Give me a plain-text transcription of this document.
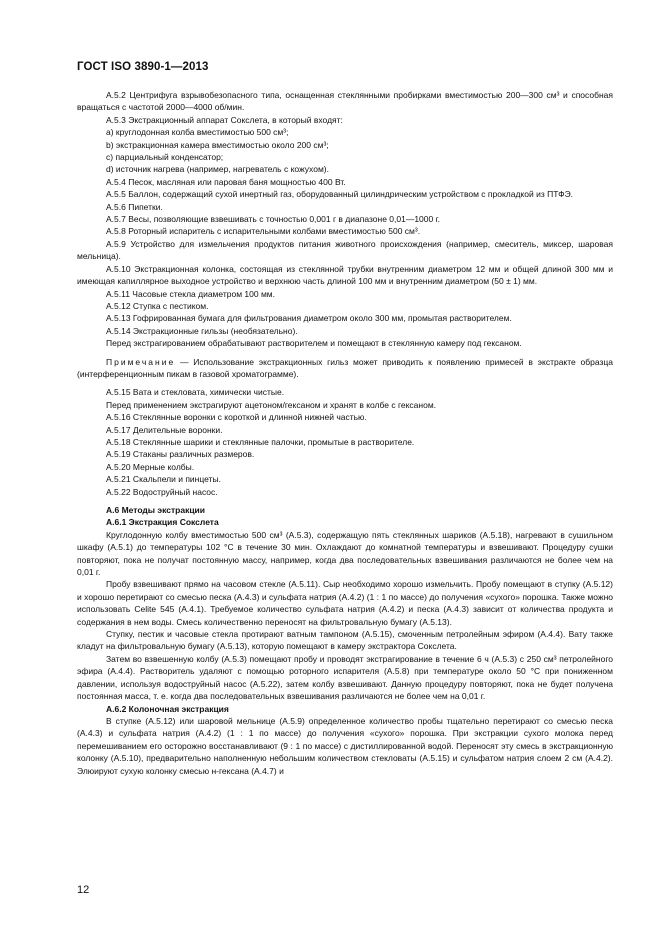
ГОСТ ISO 3890-1—2013

А.5.2 Центрифуга взрывобезопасного типа, оснащенная стеклянными пробирками вместимостью 200—300 см³ и способная вращаться с частотой 2000—4000 об/мин.

А.5.3 Экстракционный аппарат Сокслета, в который входят:

a) круглодонная колба вместимостью 500 см³;

b) экстракционная камера вместимостью около 200 см³;

c) парциальный конденсатор;

d) источник нагрева (например, нагреватель с кожухом).

А.5.4 Песок, масляная или паровая баня мощностью 400 Вт.

А.5.5 Баллон, содержащий сухой инертный газ, оборудованный цилиндрическим устройством с прокладкой из ПТФЭ.

А.5.6 Пипетки.

А.5.7 Весы, позволяющие взвешивать с точностью 0,001 г в диапазоне 0,01—1000 г.

А.5.8 Роторный испаритель с испарительными колбами вместимостью 500 см³.

А.5.9 Устройство для измельчения продуктов питания животного происхождения (например, смеситель, миксер, шаровая мельница).

А.5.10 Экстракционная колонка, состоящая из стеклянной трубки внутренним диаметром 12 мм и общей длиной 300 мм и имеющая капиллярное выходное устройство и верхнюю часть длиной 100 мм и внутренним диаметром (50 ± 1) мм.

А.5.11 Часовые стекла диаметром 100 мм.

А.5.12 Ступка с пестиком.

А.5.13 Гофрированная бумага для фильтрования диаметром около 300 мм, промытая растворителем.

А.5.14 Экстракционные гильзы (необязательно).

Перед экстрагированием обрабатывают растворителем и помещают в стеклянную камеру под гексаном.

Примечание — Использование экстракционных гильз может приводить к появлению примесей в экстракте образца (интерференционным пикам в газовой хроматограмме).

А.5.15 Вата и стекловата, химически чистые.

Перед применением экстрагируют ацетоном/гексаном и хранят в колбе с гексаном.

А.5.16 Стеклянные воронки с короткой и длинной нижней частью.

А.5.17 Делительные воронки.

А.5.18 Стеклянные шарики и стеклянные палочки, промытые в растворителе.

А.5.19 Стаканы различных размеров.

А.5.20 Мерные колбы.

А.5.21 Скальпели и пинцеты.

А.5.22 Водоструйный насос.

А.6 Методы экстракции

А.6.1 Экстракция Сокслета

Круглодонную колбу вместимостью 500 см³ (А.5.3), содержащую пять стеклянных шариков (А.5.18), нагревают в сушильном шкафу (А.5.1) до температуры 102 °С в течение 30 мин. Охлаждают до комнатной температуры и взвешивают. Процедуру сушки повторяют, пока не получат постоянную массу, например, когда два последовательных взвешивания различаются не более чем на 0,01 г.

Пробу взвешивают прямо на часовом стекле (А.5.11). Сыр необходимо хорошо измельчить. Пробу помещают в ступку (А.5.12) и хорошо перетирают со смесью песка (А.4.3) и сульфата натрия (А.4.2) (1 : 1 по массе) до получения «сухого» порошка. Также можно использовать Celite 545 (А.4.1). Требуемое количество сульфата натрия (А.4.2) и песка (А.4.3) зависит от количества продукта и содержания в нем воды. Смесь количественно переносят на фильтровальную бумагу (А.5.13).

Ступку, пестик и часовые стекла протирают ватным тампоном (А.5.15), смоченным петролейным эфиром (А.4.4). Вату также кладут на фильтровальную бумагу (А.5.13), которую помещают в камеру экстрактора Сокслета.

Затем во взвешенную колбу (А.5.3) помещают пробу и проводят экстрагирование в течение 6 ч (А.5.3) с 250 см³ петролейного эфира (А.4.4). Растворитель удаляют с помощью роторного испарителя (А.5.8) при температуре около 50 °С при пониженном давлении, используя водоструйный насос (А.5.22), затем колбу взвешивают. Данную процедуру повторяют, пока не будет получена постоянная масса, т. е. когда два последовательных взвешивания различаются не более чем на 0,01 г.

А.6.2 Колоночная экстракция

В ступке (А.5.12) или шаровой мельнице (А.5.9) определенное количество пробы тщательно перетирают со смесью песка (А.4.3) и сульфата натрия (А.4.2) (1 : 1 по массе) до получения «сухого» порошка. При экстракции сухого молока перед перемешиванием его осторожно восстанавливают (9 : 1 по массе) с дистиллированной водой. Переносят эту смесь в экстракционную колонку (А.5.10), предварительно наполненную небольшим количеством стекловаты (А.5.15) и сульфатом натрия слоем 2 см (А.4.2). Элюируют сухую колонку смесью н-гексана (А.4.7) и

12
